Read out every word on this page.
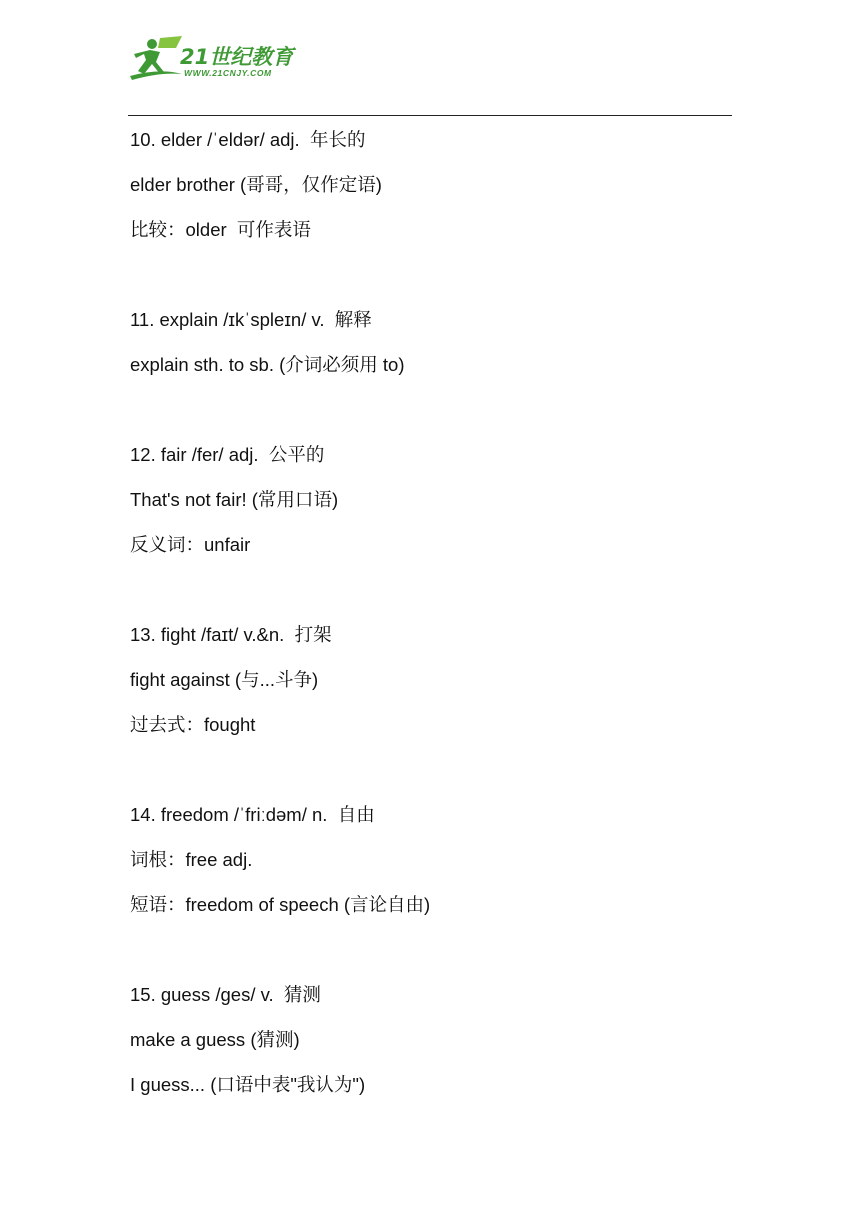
21世纪教育
WWW.21CNJY.COM
10. elder /ˈeldər/ adj.  年长的
elder brother (哥哥，仅作定语)
比较：older  可作表语
11. explain /ɪkˈspleɪn/ v.  解释
explain sth. to sb. (介词必须用 to)
12. fair /fer/ adj.  公平的
That's not fair! (常用口语)
反义词：unfair
13. fight /faɪt/ v.&n.  打架
fight against (与...斗争)
过去式：fought
14. freedom /ˈfriːdəm/ n.  自由
词根：free adj.
短语：freedom of speech (言论自由)
15. guess /ges/ v.  猜测
make a guess (猜测)
I guess... (口语中表"我认为")
